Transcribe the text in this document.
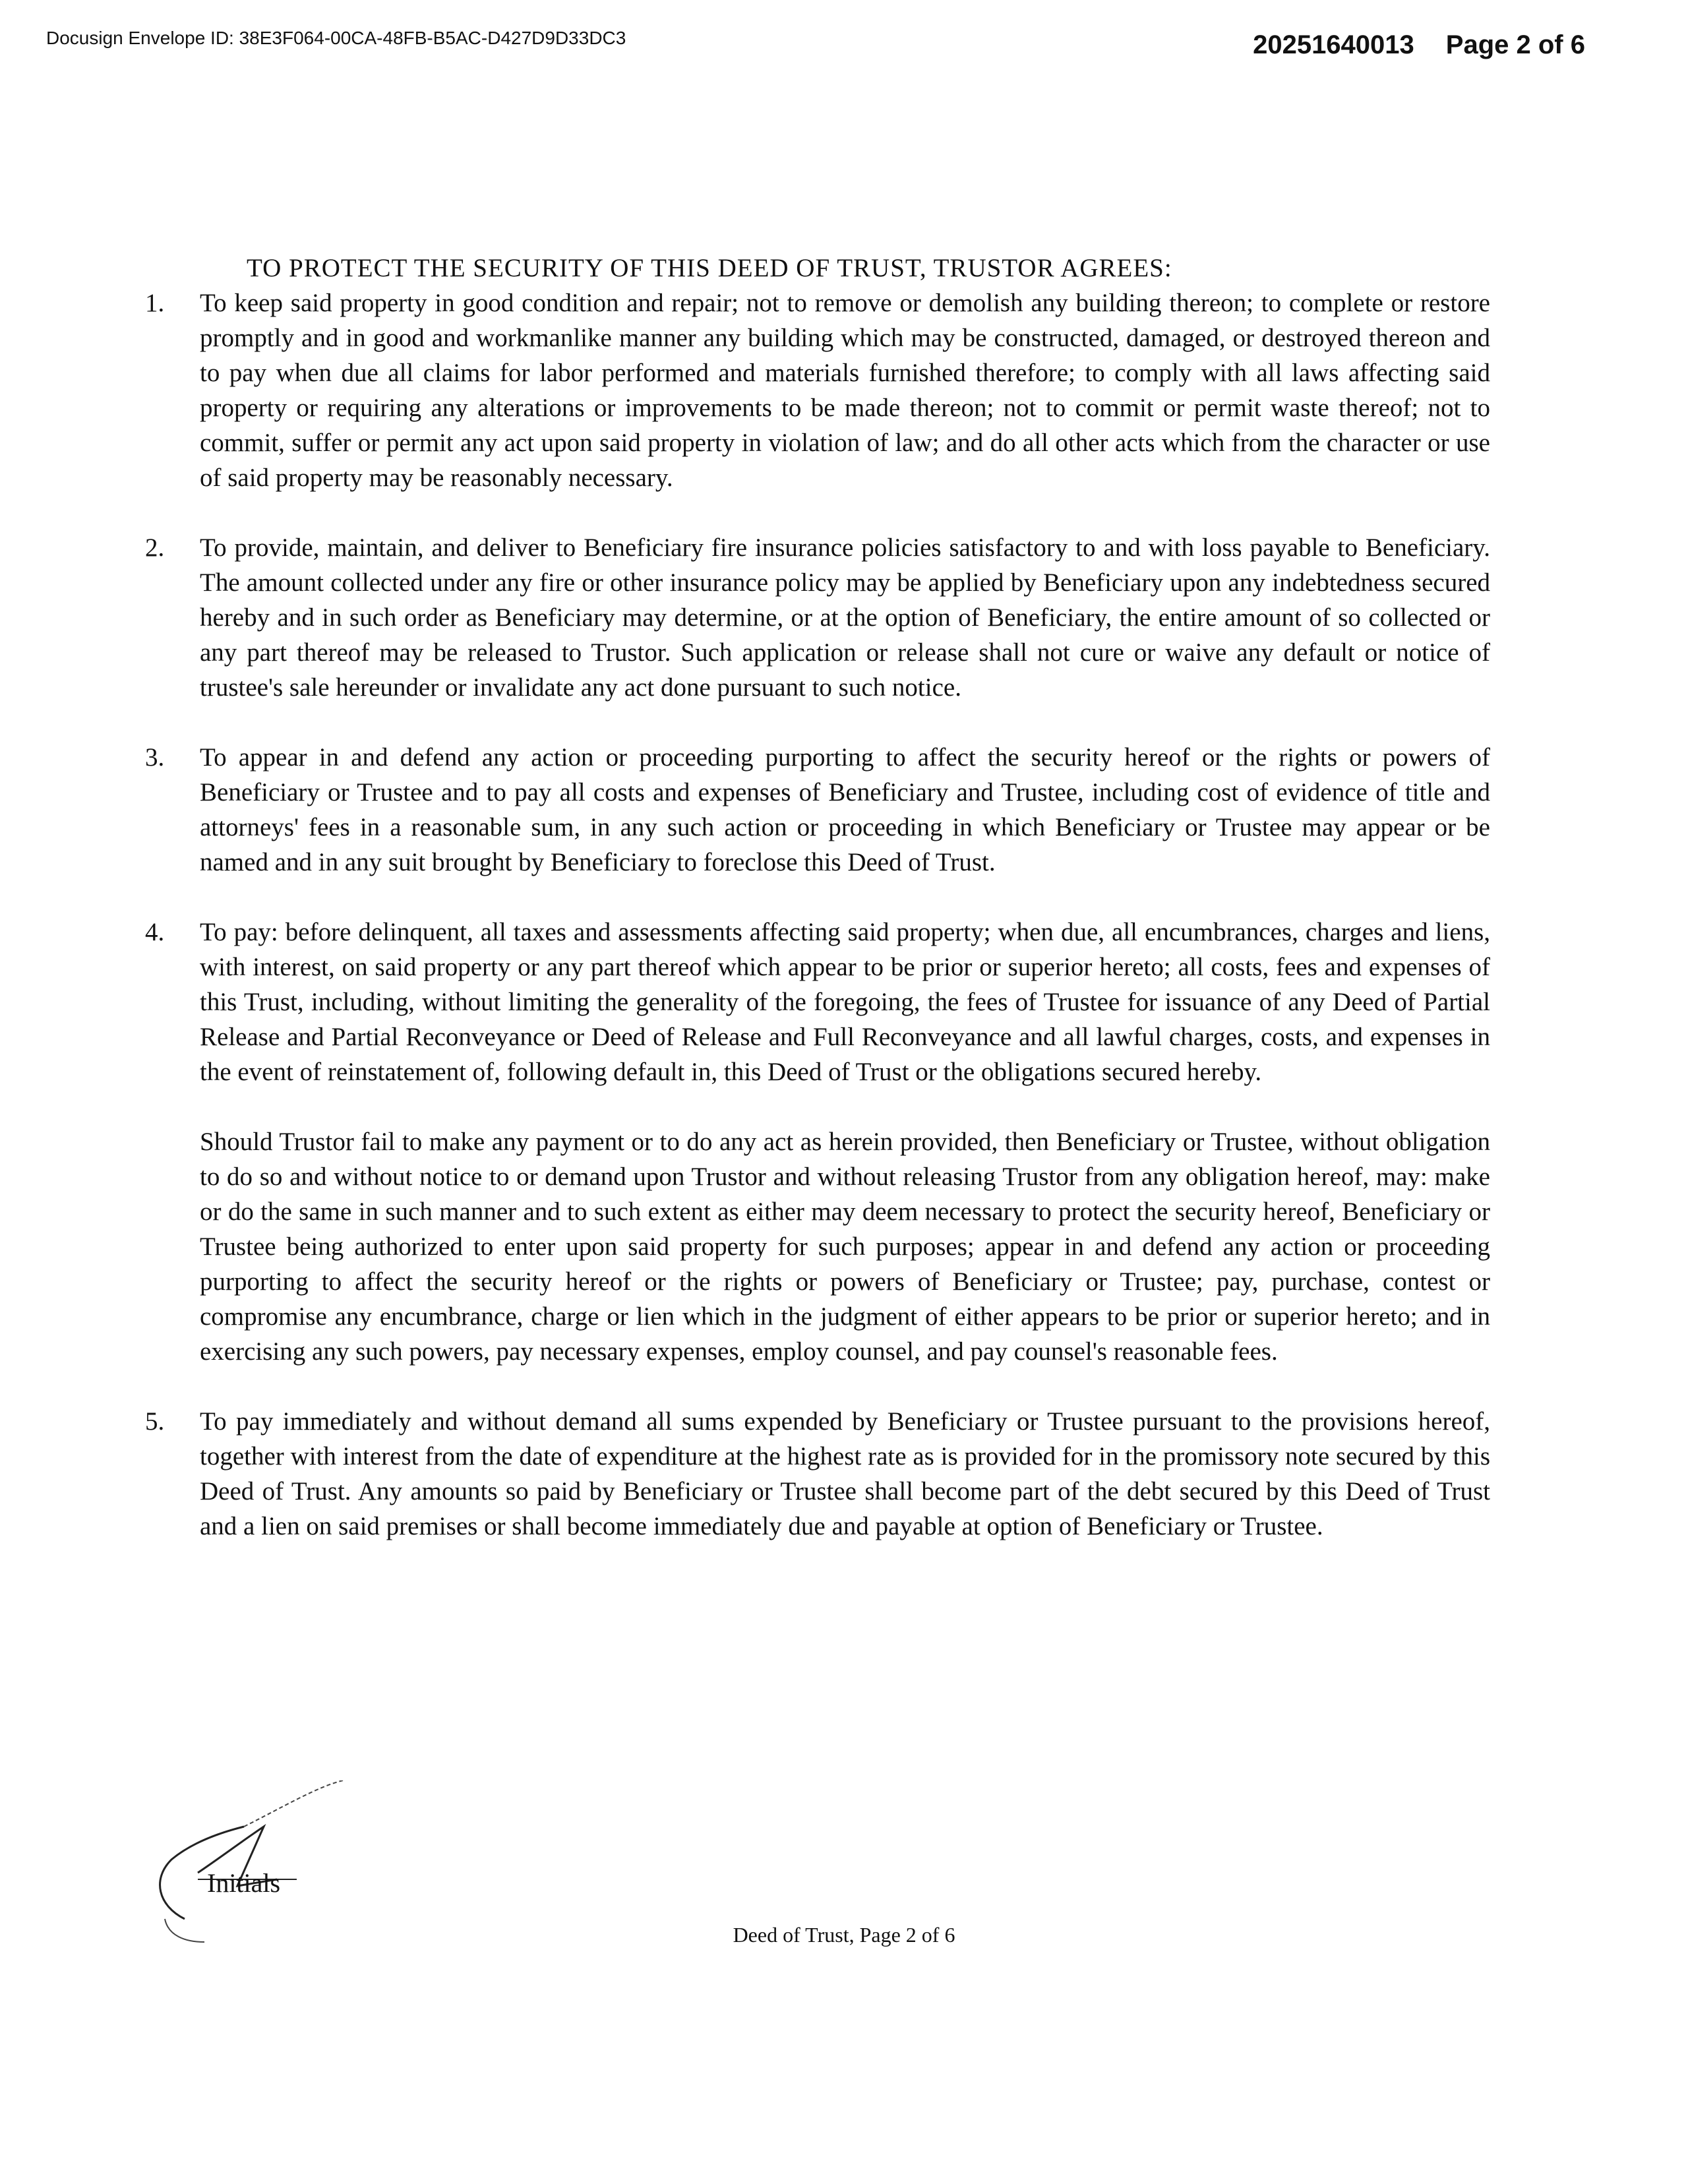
Docusign Envelope ID: 38E3F064-00CA-48FB-B5AC-D427D9D33DC3	20251640013 Page 2 of 6
TO PROTECT THE SECURITY OF THIS DEED OF TRUST, TRUSTOR AGREES:
1. To keep said property in good condition and repair; not to remove or demolish any building thereon; to complete or restore promptly and in good and workmanlike manner any building which may be constructed, damaged, or destroyed thereon and to pay when due all claims for labor performed and materials furnished therefore; to comply with all laws affecting said property or requiring any alterations or improvements to be made thereon; not to commit or permit waste thereof; not to commit, suffer or permit any act upon said property in violation of law; and do all other acts which from the character or use of said property may be reasonably necessary.

2. To provide, maintain, and deliver to Beneficiary fire insurance policies satisfactory to and with loss payable to Beneficiary. The amount collected under any fire or other insurance policy may be applied by Beneficiary upon any indebtedness secured hereby and in such order as Beneficiary may determine, or at the option of Beneficiary, the entire amount of so collected or any part thereof may be released to Trustor. Such application or release shall not cure or waive any default or notice of trustee's sale hereunder or invalidate any act done pursuant to such notice.

3. To appear in and defend any action or proceeding purporting to affect the security hereof or the rights or powers of Beneficiary or Trustee and to pay all costs and expenses of Beneficiary and Trustee, including cost of evidence of title and attorneys' fees in a reasonable sum, in any such action or proceeding in which Beneficiary or Trustee may appear or be named and in any suit brought by Beneficiary to foreclose this Deed of Trust.

4. To pay: before delinquent, all taxes and assessments affecting said property; when due, all encumbrances, charges and liens, with interest, on said property or any part thereof which appear to be prior or superior hereto; all costs, fees and expenses of this Trust, including, without limiting the generality of the foregoing, the fees of Trustee for issuance of any Deed of Partial Release and Partial Reconveyance or Deed of Release and Full Reconveyance and all lawful charges, costs, and expenses in the event of reinstatement of, following default in, this Deed of Trust or the obligations secured hereby.

Should Trustor fail to make any payment or to do any act as herein provided, then Beneficiary or Trustee, without obligation to do so and without notice to or demand upon Trustor and without releasing Trustor from any obligation hereof, may: make or do the same in such manner and to such extent as either may deem necessary to protect the security hereof, Beneficiary or Trustee being authorized to enter upon said property for such purposes; appear in and defend any action or proceeding purporting to affect the security hereof or the rights or powers of Beneficiary or Trustee; pay, purchase, contest or compromise any encumbrance, charge or lien which in the judgment of either appears to be prior or superior hereto; and in exercising any such powers, pay necessary expenses, employ counsel, and pay counsel's reasonable fees.

5. To pay immediately and without demand all sums expended by Beneficiary or Trustee pursuant to the provisions hereof, together with interest from the date of expenditure at the highest rate as is provided for in the promissory note secured by this Deed of Trust. Any amounts so paid by Beneficiary or Trustee shall become part of the debt secured by this Deed of Trust and a lien on said premises or shall become immediately due and payable at option of Beneficiary or Trustee.

Initials
Deed of Trust, Page 2 of 6
